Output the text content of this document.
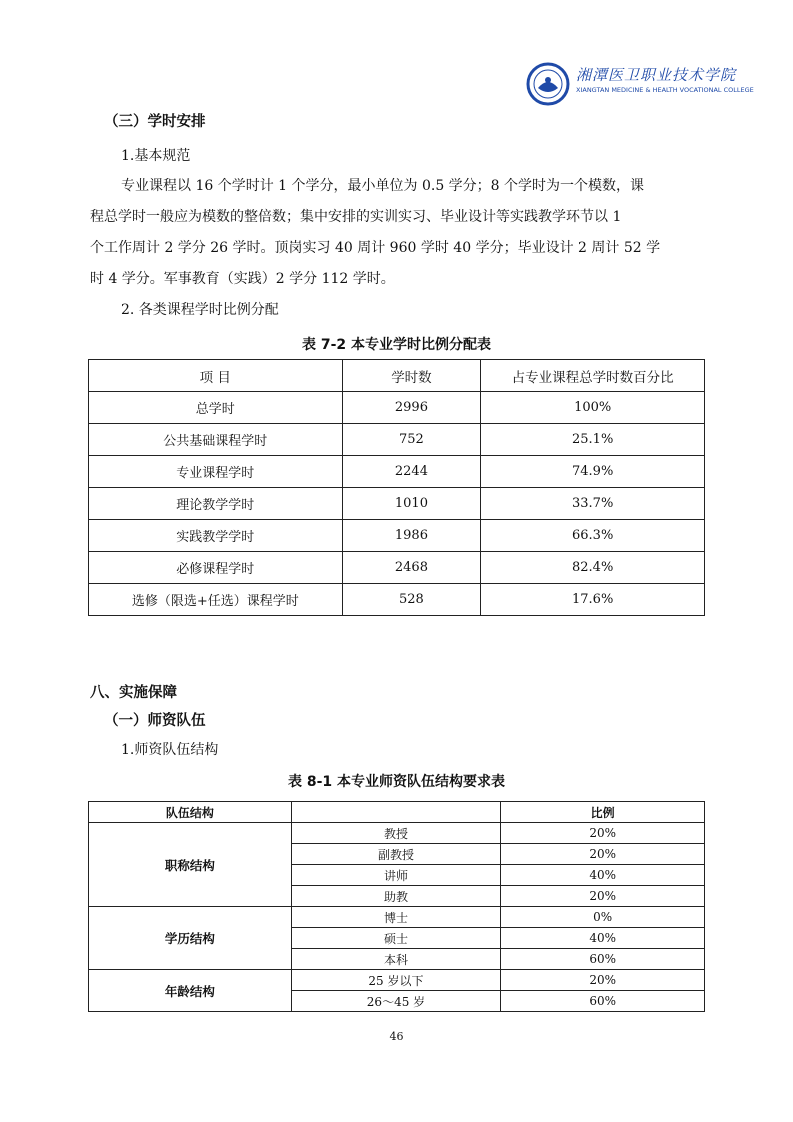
湘潭医卫职业技术学院
XIANGTAN MEDICINE & HEALTH VOCATIONAL COLLEGE
（三）学时安排
1.基本规范
专业课程以 16 个学时计 1 个学分，最小单位为 0.5 学分；8 个学时为一个模数，课
程总学时一般应为模数的整倍数；集中安排的实训实习、毕业设计等实践教学环节以 1
个工作周计 2 学分 26 学时。顶岗实习 40 周计 960 学时 40 学分；毕业设计 2 周计 52 学
时 4 学分。军事教育（实践）2 学分 112 学时。
2. 各类课程学时比例分配
表 7-2 本专业学时比例分配表
项 目	学时数	占专业课程总学时数百分比
总学时	2996	100%
公共基础课程学时	752	25.1%
专业课程学时	2244	74.9%
理论教学学时	1010	33.7%
实践教学学时	1986	66.3%
必修课程学时	2468	82.4%
选修（限选+任选）课程学时	528	17.6%
八、实施保障
（一）师资队伍
1.师资队伍结构
表 8-1 本专业师资队伍结构要求表
队伍结构		比例
职称结构	教授	20%
	副教授	20%
	讲师	40%
	助教	20%
学历结构	博士	0%
	硕士	40%
	本科	60%
年龄结构	25 岁以下	20%
	26～45 岁	60%
46
